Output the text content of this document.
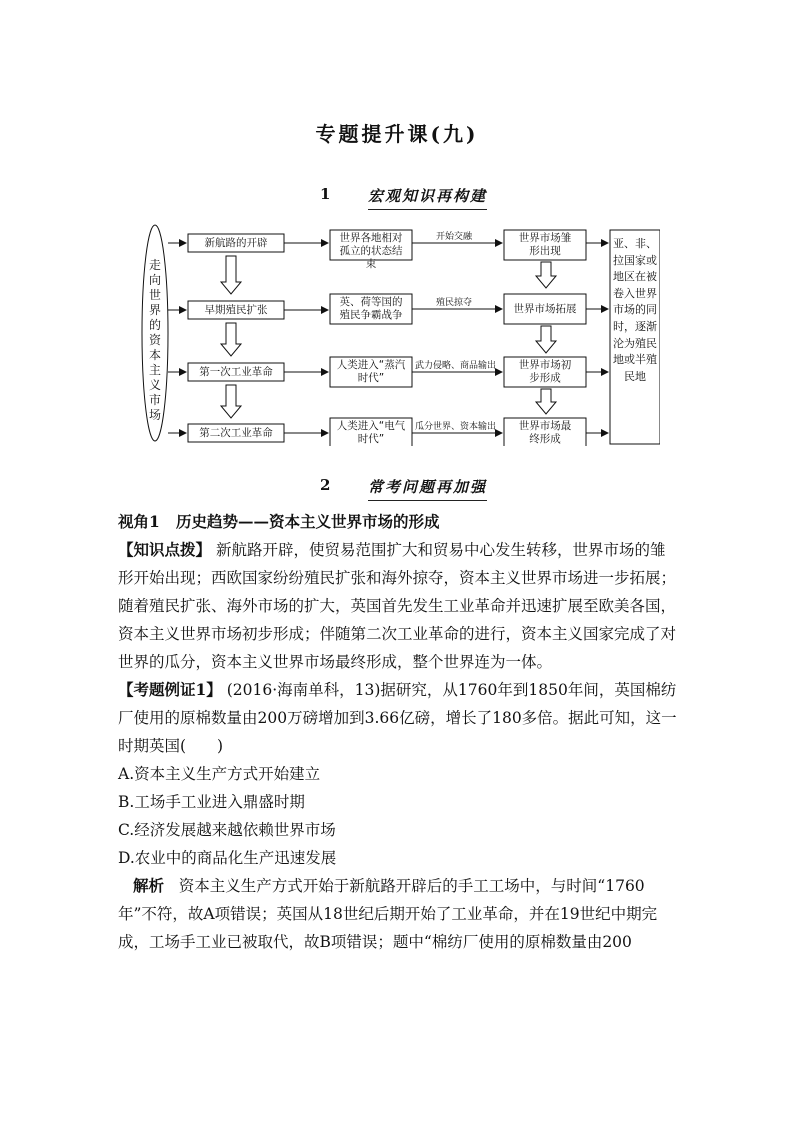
专题提升课(九)
1	宏观知识再构建
走向世界的资本主义市场
新航路的开辟
早期殖民扩张
第一次工业革命
第二次工业革命
世界各地相对孤立的状态结束
英、荷等国的殖民争霸战争
人类进入“蒸汽时代”
人类进入“电气时代”
开始交融
殖民掠夺
武力侵略、商品输出
瓜分世界、资本输出
世界市场雏形出现
世界市场拓展
世界市场初步形成
世界市场最终形成
亚、非、拉国家或地区在被卷入世界市场的同时，逐渐沦为殖民地或半殖民地
2	常考问题再加强

视角1 历史趋势——资本主义世界市场的形成

【知识点拨】 新航路开辟，使贸易范围扩大和贸易中心发生转移，世界市场的雏形开始出现；西欧国家纷纷殖民扩张和海外掠夺，资本主义世界市场进一步拓展；随着殖民扩张、海外市场的扩大，英国首先发生工业革命并迅速扩展至欧美各国，资本主义世界市场初步形成；伴随第二次工业革命的进行，资本主义国家完成了对世界的瓜分，资本主义世界市场最终形成，整个世界连为一体。

【考题例证1】 (2016·海南单科，13)据研究，从1760年到1850年间，英国棉纺厂使用的原棉数量由200万磅增加到3.66亿磅，增长了180多倍。据此可知，这一时期英国(　　)

A.资本主义生产方式开始建立

B.工场手工业进入鼎盛时期

C.经济发展越来越依赖世界市场

D.农业中的商品化生产迅速发展

解析 资本主义生产方式开始于新航路开辟后的手工工场中，与时间“1760年”不符，故A项错误；英国从18世纪后期开始了工业革命，并在19世纪中期完成，工场手工业已被取代，故B项错误；题中“棉纺厂使用的原棉数量由200
